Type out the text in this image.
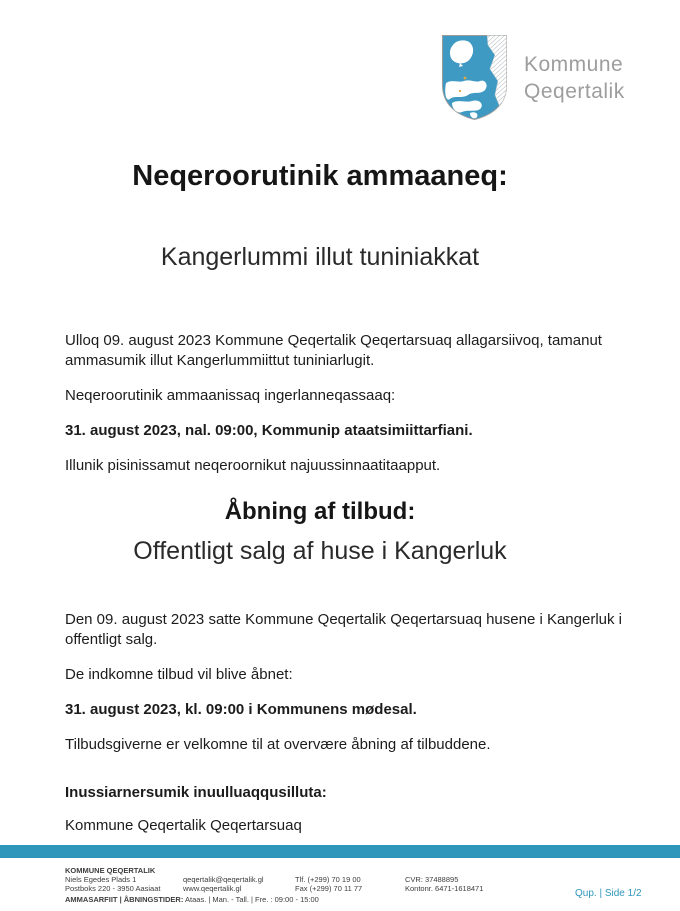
Kommune
Qeqertalik
Neqeroorutinik ammaaneq:
Kangerlummi illut tuniniakkat

Ulloq 09. august 2023 Kommune Qeqertalik Qeqertarsuaq allagarsiivoq, tamanut ammasumik illut Kangerlummiittut tuniniarlugit.

Neqeroorutinik ammaanissaq ingerlanneqassaaq:

31. august 2023, nal. 09:00, Kommunip ataatsimiittarfiani.

Illunik pisinissamut neqeroornikut najuussinnaatitaapput.

Åbning af tilbud:
Offentligt salg af huse i Kangerluk

Den 09. august 2023 satte Kommune Qeqertalik Qeqertarsuaq husene i Kangerluk i offentligt salg.

De indkomne tilbud vil blive åbnet:

31. august 2023, kl. 09:00 i Kommunens mødesal.

Tilbudsgiverne er velkomne til at overvære åbning af tilbuddene.

Inussiarnersumik inuulluaqqusilluta:
Kommune Qeqertalik Qeqertarsuaq
KOMMUNE QEQERTALIK
Niels Egedes Plads 1
Postboks 220 - 3950 Aasiaat
qeqertalik@qeqertalik.gl
www.qeqertalik.gl
Tlf. (+299) 70 19 00
Fax (+299) 70 11 77
CVR: 37488895
Kontonr. 6471-1618471
AMMASARFIIT | ÅBNINGSTIDER: Ataas. | Man. - Tall. | Fre. : 09:00 - 15:00
Qup. | Side 1/2
